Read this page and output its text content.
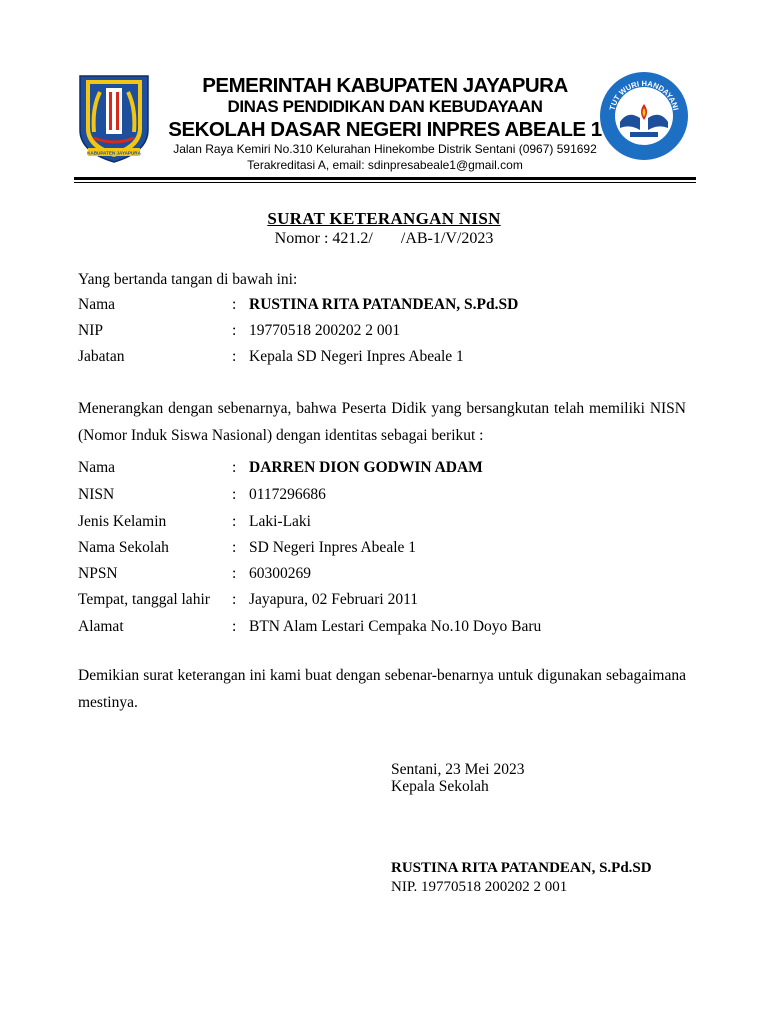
KABUPATEN JAYAPURA
PEMERINTAH KABUPATEN JAYAPURA
DINAS PENDIDIKAN DAN KEBUDAYAAN
SEKOLAH DASAR NEGERI INPRES ABEALE 1
Jalan Raya Kemiri No.310 Kelurahan Hinekombe Distrik Sentani (0967) 591692
Terakreditasi A, email: sdinpresabeale1@gmail.com
TUT WURI HANDAYANI
SURAT KETERANGAN NISN
Nomor : 421.2/       /AB-1/V/2023
Yang bertanda tangan di bawah ini:
Nama	: RUSTINA RITA PATANDEAN, S.Pd.SD
NIP	: 19770518 200202 2 001
Jabatan	: Kepala SD Negeri Inpres Abeale 1
Menerangkan dengan sebenarnya, bahwa Peserta Didik yang bersangkutan telah memiliki NISN (Nomor Induk Siswa Nasional) dengan identitas sebagai berikut :
Nama	: DARREN DION GODWIN ADAM
NISN	: 0117296686
Jenis Kelamin	: Laki-Laki
Nama Sekolah	: SD Negeri Inpres Abeale 1
NPSN	: 60300269
Tempat, tanggal lahir : Jayapura, 02 Februari 2011
Alamat	: BTN Alam Lestari Cempaka No.10 Doyo Baru
Demikian surat keterangan ini kami buat dengan sebenar-benarnya untuk digunakan sebagaimana mestinya.
Sentani, 23 Mei 2023
Kepala Sekolah
RUSTINA RITA PATANDEAN, S.Pd.SD
NIP. 19770518 200202 2 001
